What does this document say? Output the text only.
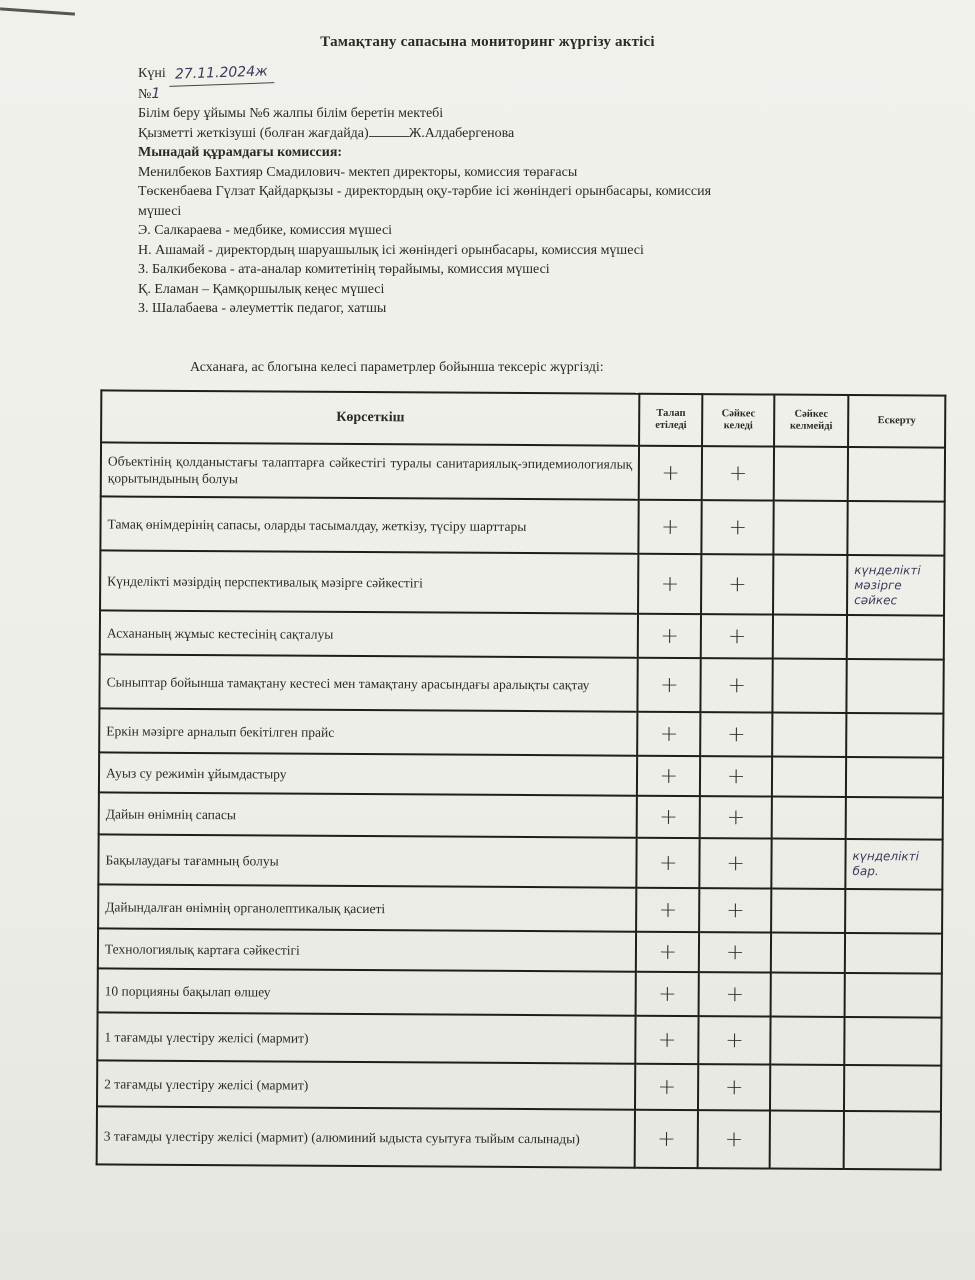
Тамақтану сапасына мониторинг жүргізу актісі
Күні 27.11.2024ж
№1
Білім беру ұйымы №6 жалпы білім беретін мектебі
Қызметті жеткізуші (болған жағдайда)	Ж.Алдабергенова
Мынадай құрамдағы комиссия:
Менилбеков Бахтияр Смадилович- мектеп директоры, комиссия төрағасы
Төскенбаева Гүлзат Қайдарқызы - директордың оқу-тәрбие ісі жөніндегі орынбасары, комиссия
мүшесі
Э. Салкараева - медбике, комиссия мүшесі
Н. Ашамай - директордың шаруашылық ісі жөніндегі орынбасары, комиссия мүшесі
З. Балкибекова - ата-аналар комитетінің төрайымы, комиссия мүшесі
Қ. Еламан – Қамқоршылық кеңес мүшесі
З. Шалабаева - әлеуметтік педагог, хатшы
Асханаға, ас блогына келесі параметрлер бойынша тексеріс жүргізді:
Көрсеткіш	Талап етіледі	Сәйкес келеді	Сәйкес келмейді	Ескерту
Объектінің қолданыстағы талаптарға сәйкестігі туралы санитариялық-эпидемиологиялық қорытындының болуы	+	+		
Тамақ өнімдерінің сапасы, оларды тасымалдау, жеткізу, түсіру шарттары	+	+		
Күнделікті мәзірдің перспективалық мәзірге сәйкестігі	+	+		күнделікті мәзірге сәйкес
Асхананың жұмыс кестесінің сақталуы	+	+		
Сыныптар бойынша тамақтану кестесі мен тамақтану арасындағы аралықты сақтау	+	+		
Еркін мәзірге арналып бекітілген прайс	+	+		
Ауыз су режимін ұйымдастыру	+	+		
Дайын өнімнің сапасы	+	+		
Бақылаудағы тағамның болуы	+	+		күнделікті бар.
Дайындалған өнімнің органолептикалық қасиеті	+	+		
Технологиялық картаға сәйкестігі	+	+		
10 порцияны бақылап өлшеу	+	+		
1 тағамды үлестіру желісі (мармит)	+	+		
2 тағамды үлестіру желісі (мармит)	+	+		
3 тағамды үлестіру желісі (мармит) (алюминий ыдыста суытуға тыйым салынады)	+	+		
